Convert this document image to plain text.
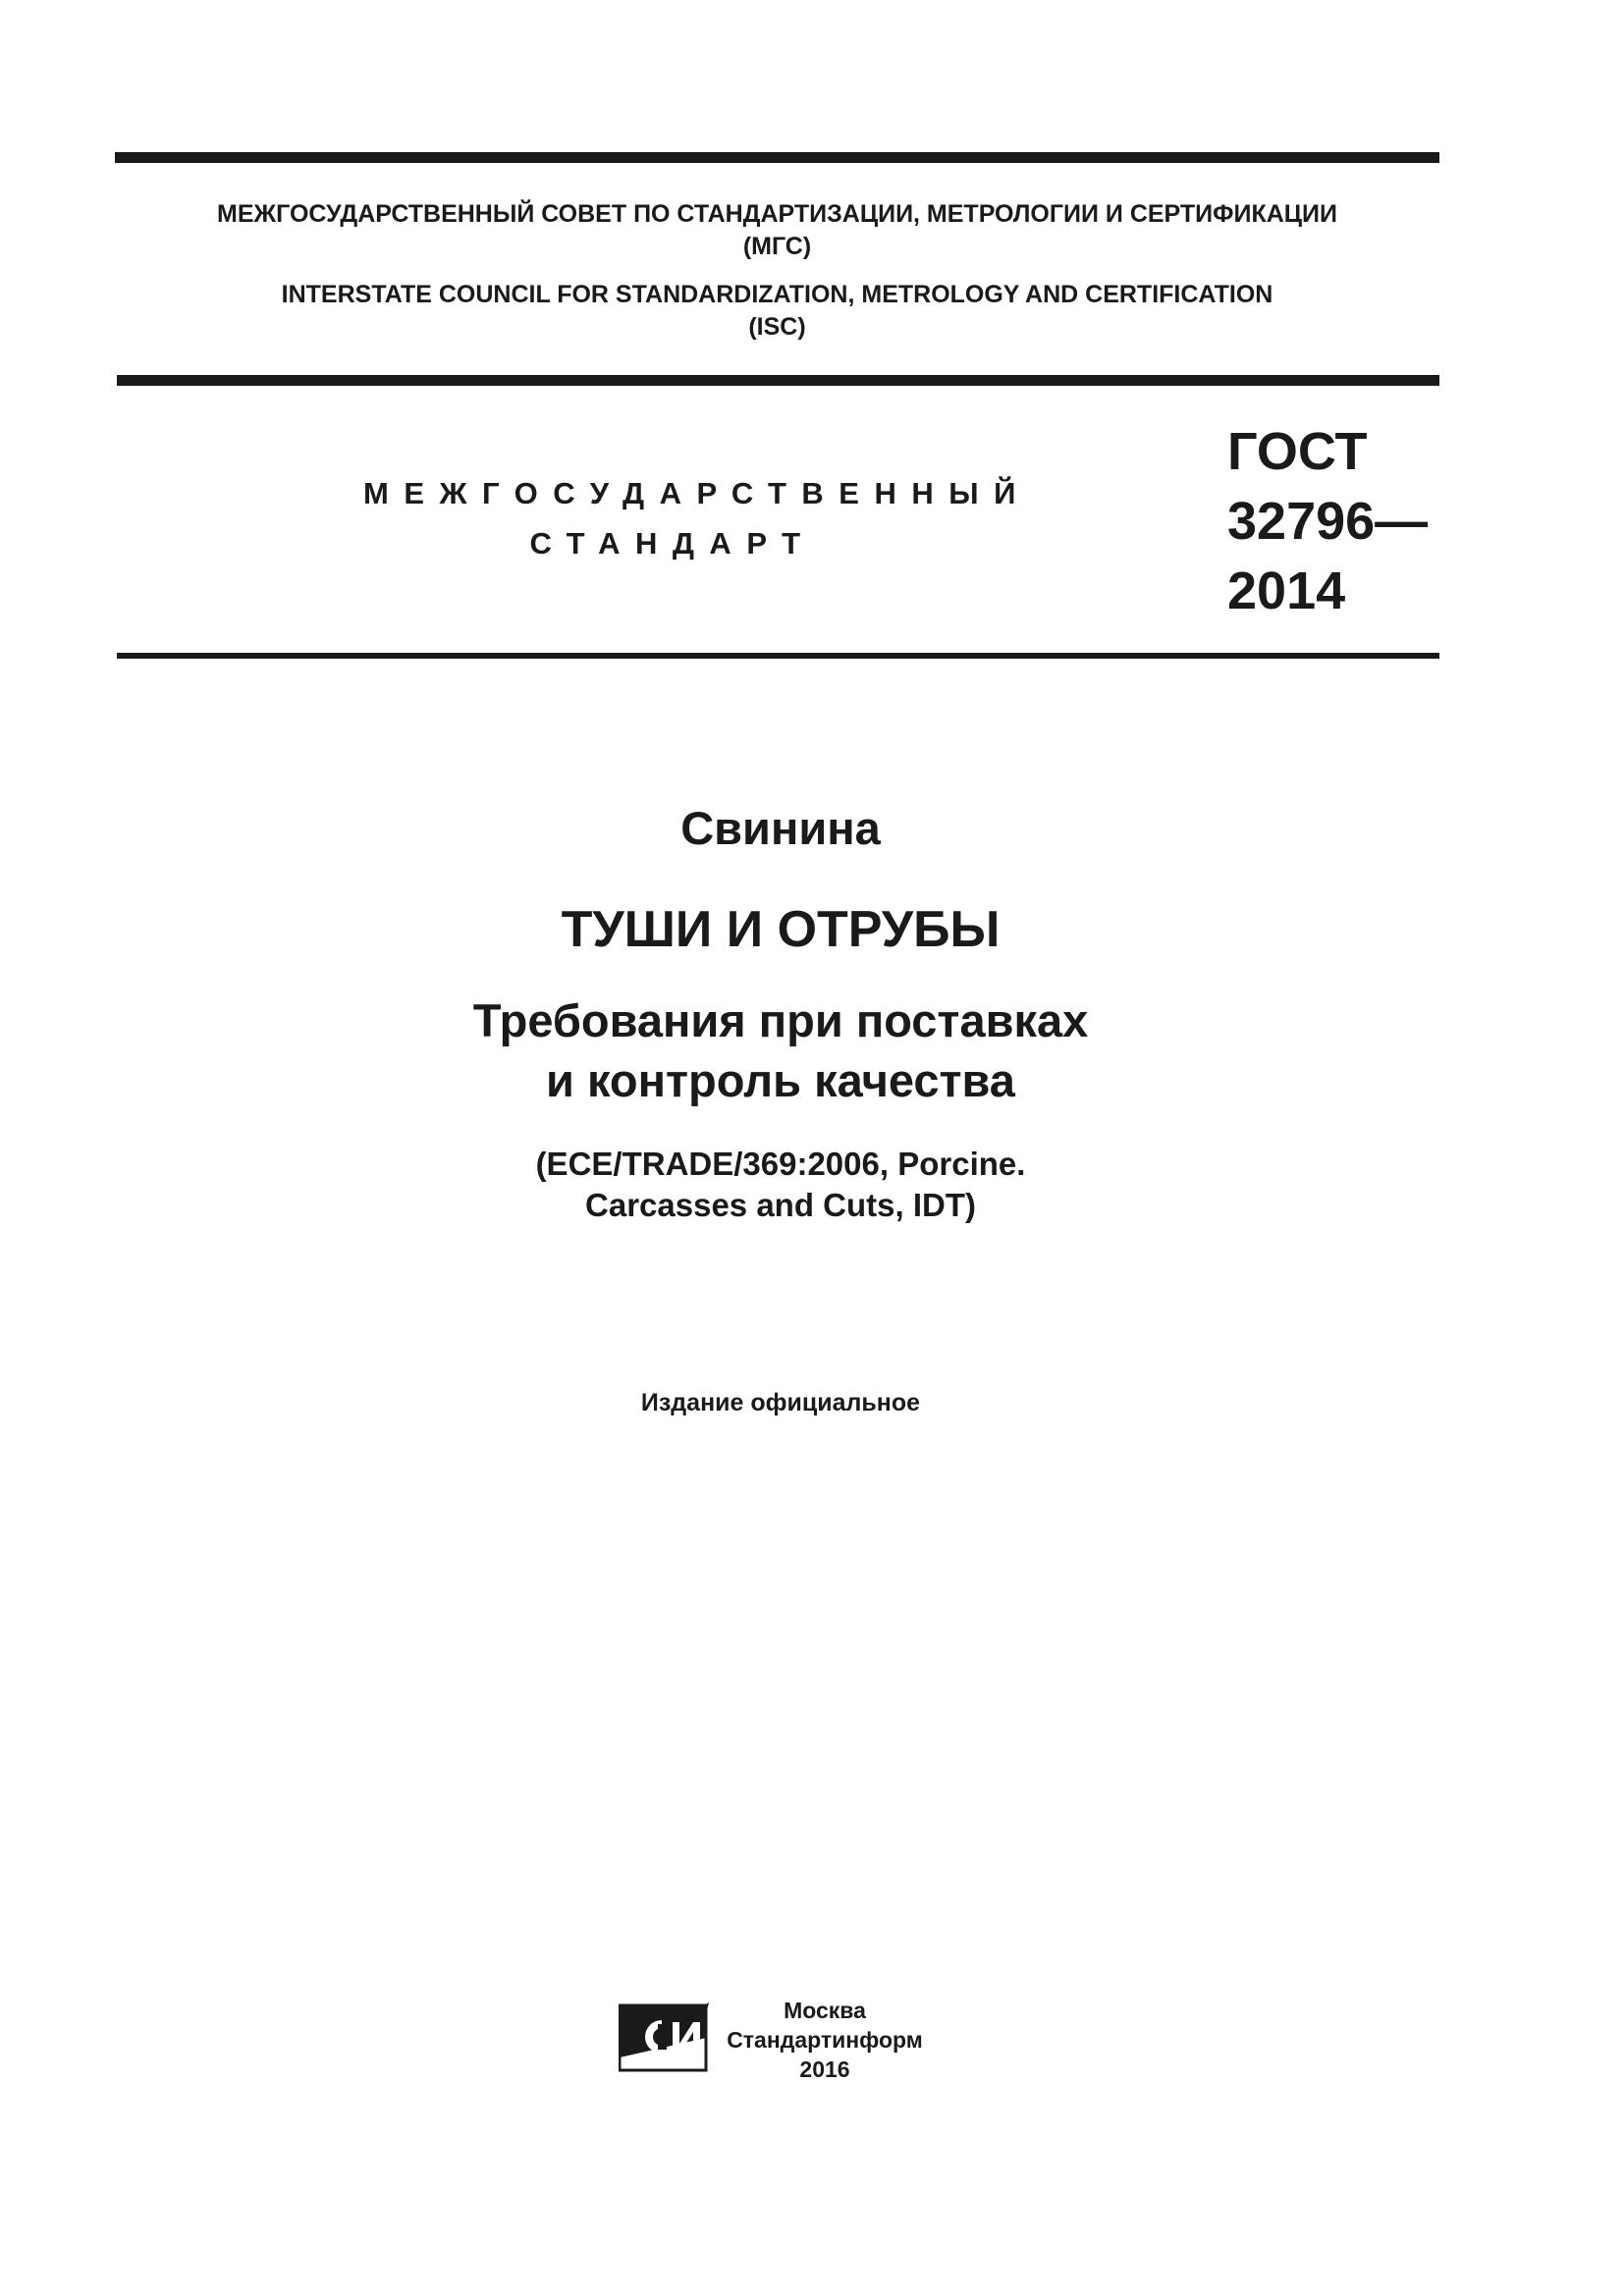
МЕЖГОСУДАРСТВЕННЫЙ СОВЕТ ПО СТАНДАРТИЗАЦИИ, МЕТРОЛОГИИ И СЕРТИФИКАЦИИ

(МГС)

INTERSTATE COUNCIL FOR STANDARDIZATION, METROLOGY AND CERTIFICATION

(ISC)

МЕЖГОСУДАРСТВЕННЫЙ

СТАНДАРТ

ГОСТ

32796—

2014

Свинина

ТУШИ И ОТРУБЫ

Требования при поставках

и контроль качества

(ECE/TRADE/369:2006, Porcine.

Carcasses and Cuts, IDT)

Издание официальное

Москва

Стандартинформ

2016
